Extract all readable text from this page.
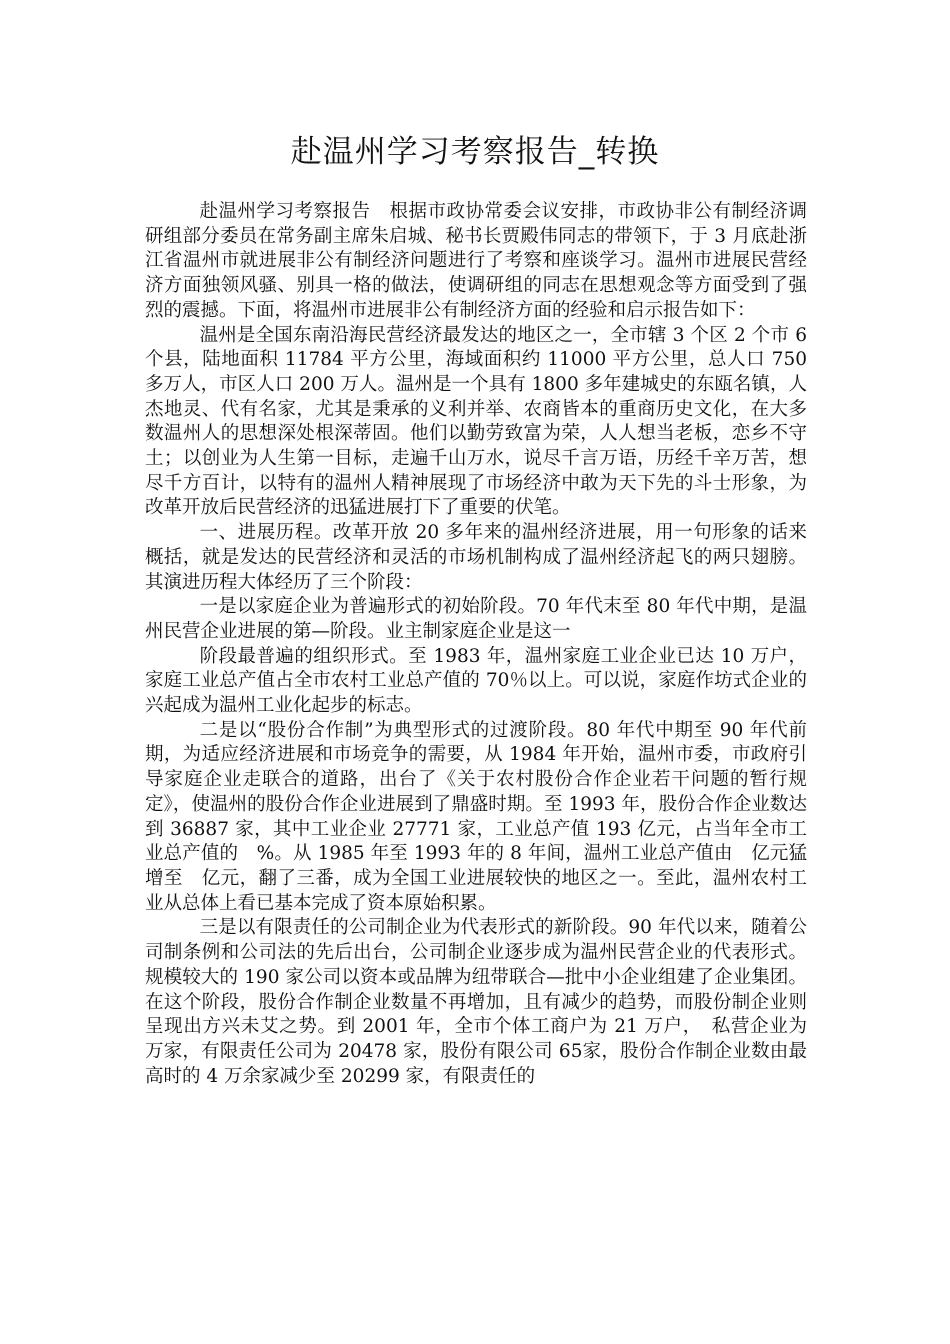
赴温州学习考察报告_转换

赴温州学习考察报告　根据市政协常委会议安排，市政协非公有制经济调研组部分委员在常务副主席朱启城、秘书长贾殿伟同志的带领下，于 3 月底赴浙江省温州市就进展非公有制经济问题进行了考察和座谈学习。温州市进展民营经济方面独领风骚、别具一格的做法，使调研组的同志在思想观念等方面受到了强烈的震撼。下面，将温州市进展非公有制经济方面的经验和启示报告如下：

温州是全国东南沿海民营经济最发达的地区之一，全市辖 3 个区 2 个市 6 个县，陆地面积 11784 平方公里，海域面积约 11000 平方公里，总人口 750 多万人，市区人口 200 万人。温州是一个具有 1800 多年建城史的东瓯名镇，人杰地灵、代有名家，尤其是秉承的义利并举、农商皆本的重商历史文化，在大多数温州人的思想深处根深蒂固。他们以勤劳致富为荣，人人想当老板，恋乡不守土；以创业为人生第一目标，走遍千山万水，说尽千言万语，历经千辛万苦，想尽千方百计，以特有的温州人精神展现了市场经济中敢为天下先的斗士形象，为改革开放后民营经济的迅猛进展打下了重要的伏笔。

一、进展历程。改革开放 20 多年来的温州经济进展，用一句形象的话来概括，就是发达的民营经济和灵活的市场机制构成了温州经济起飞的两只翅膀。其演进历程大体经历了三个阶段：

一是以家庭企业为普遍形式的初始阶段。70 年代末至 80 年代中期，是温州民营企业进展的第—阶段。业主制家庭企业是这一

阶段最普遍的组织形式。至 1983 年，温州家庭工业企业已达 10 万户，家庭工业总产值占全市农村工业总产值的 70％以上。可以说，家庭作坊式企业的兴起成为温州工业化起步的标志。

二是以“股份合作制”为典型形式的过渡阶段。80 年代中期至 90 年代前期，为适应经济进展和市场竞争的需要，从 1984 年开始，温州市委，市政府引导家庭企业走联合的道路，出台了《关于农村股份合作企业若干问题的暂行规定》，使温州的股份合作企业进展到了鼎盛时期。至 1993 年，股份合作企业数达到 36887 家，其中工业企业 27771 家，工业总产值 193 亿元，占当年全市工业总产值的　%。从 1985 年至 1993 年的 8 年间，温州工业总产值由　亿元猛增至　亿元，翻了三番，成为全国工业进展较快的地区之一。至此，温州农村工业从总体上看已基本完成了资本原始积累。

三是以有限责任的公司制企业为代表形式的新阶段。90 年代以来，随着公司制条例和公司法的先后出台，公司制企业逐步成为温州民营企业的代表形式。规模较大的 190 家公司以资本或品牌为纽带联合—批中小企业组建了企业集团。在这个阶段，股份合作制企业数量不再增加，且有减少的趋势，而股份制企业则呈现出方兴未艾之势。到 2001 年，全市个体工商户为 21 万户，　私营企业为　万家，有限责任公司为 20478 家，股份有限公司 65家，股份合作制企业数由最高时的 4 万余家减少至 20299 家，有限责任的
